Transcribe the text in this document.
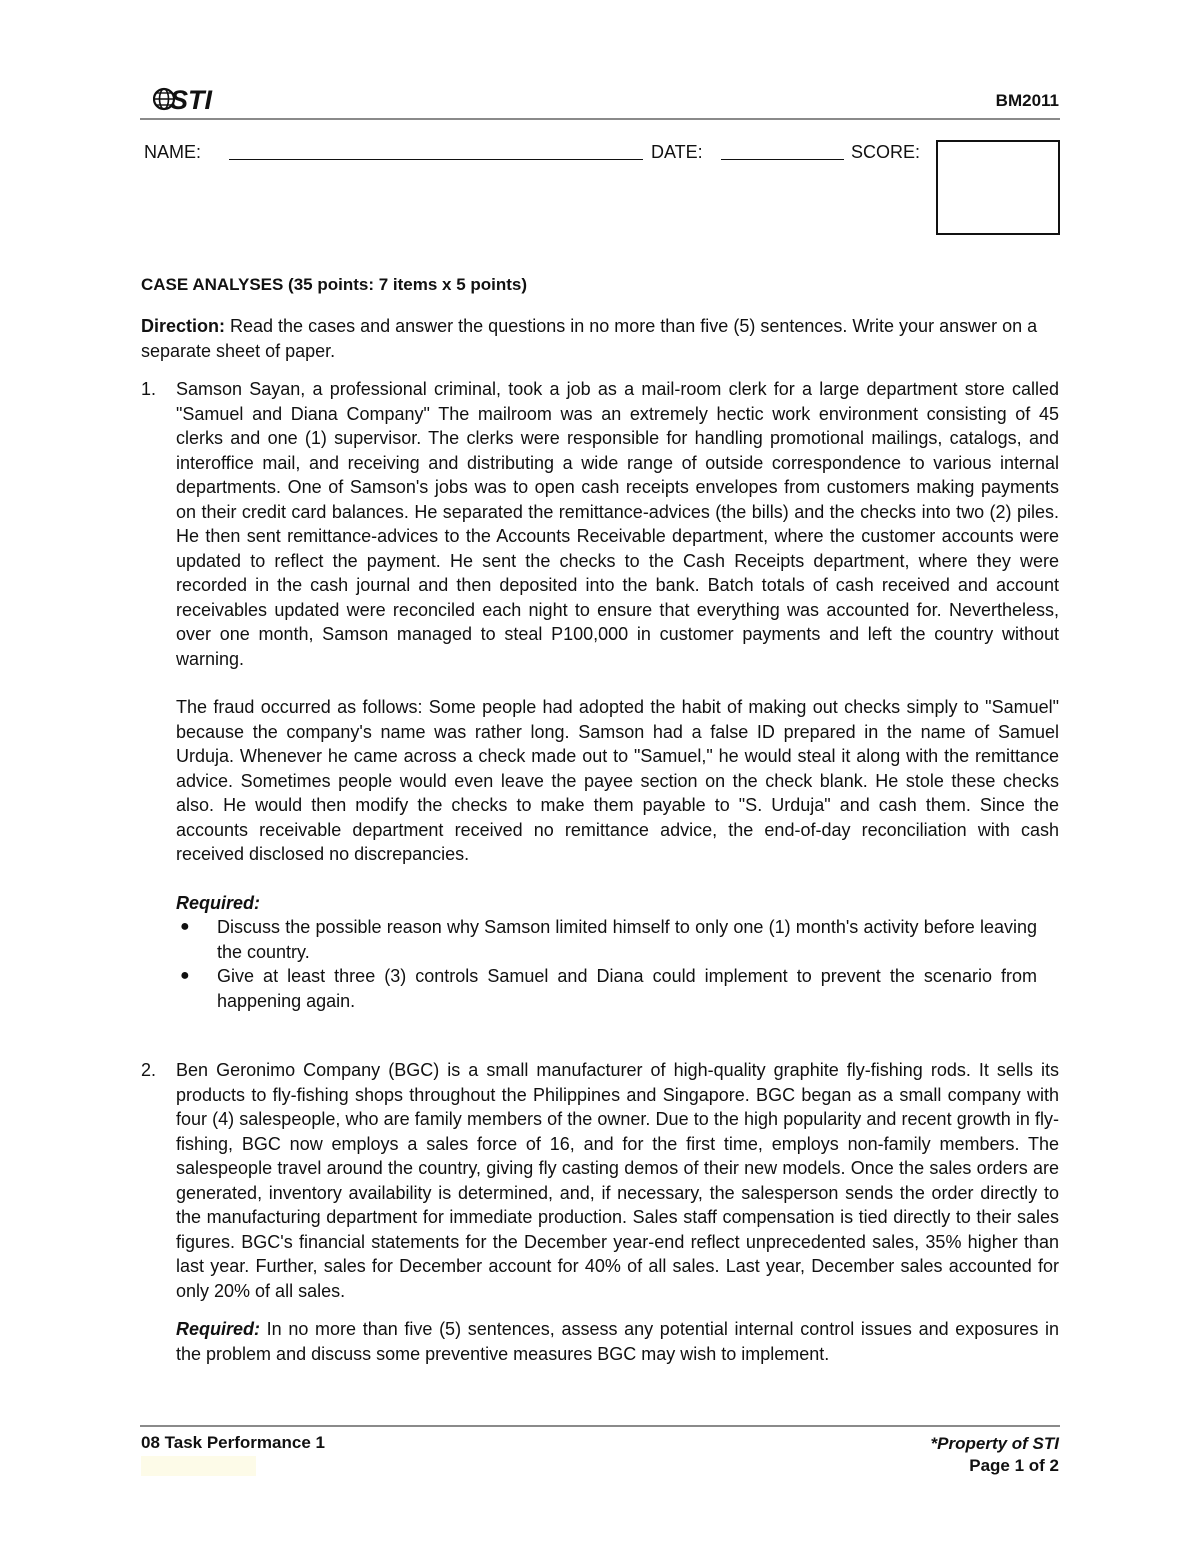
STI	BM2011
NAME:	DATE:	SCORE:
CASE ANALYSES (35 points: 7 items x 5 points)
Direction: Read the cases and answer the questions in no more than five (5) sentences. Write your answer on a separate sheet of paper.
1. Samson Sayan, a professional criminal, took a job as a mail-room clerk for a large department store called "Samuel and Diana Company" The mailroom was an extremely hectic work environment consisting of 45 clerks and one (1) supervisor. The clerks were responsible for handling promotional mailings, catalogs, and interoffice mail, and receiving and distributing a wide range of outside correspondence to various internal departments. One of Samson's jobs was to open cash receipts envelopes from customers making payments on their credit card balances. He separated the remittance-advices (the bills) and the checks into two (2) piles. He then sent remittance-advices to the Accounts Receivable department, where the customer accounts were updated to reflect the payment. He sent the checks to the Cash Receipts department, where they were recorded in the cash journal and then deposited into the bank. Batch totals of cash received and account receivables updated were reconciled each night to ensure that everything was accounted for. Nevertheless, over one month, Samson managed to steal P100,000 in customer payments and left the country without warning.

The fraud occurred as follows: Some people had adopted the habit of making out checks simply to "Samuel" because the company's name was rather long. Samson had a false ID prepared in the name of Samuel Urduja. Whenever he came across a check made out to "Samuel," he would steal it along with the remittance advice. Sometimes people would even leave the payee section on the check blank. He stole these checks also. He would then modify the checks to make them payable to "S. Urduja" and cash them. Since the accounts receivable department received no remittance advice, the end-of-day reconciliation with cash received disclosed no discrepancies.

Required:

● Discuss the possible reason why Samson limited himself to only one (1) month's activity before leaving the country.
● Give at least three (3) controls Samuel and Diana could implement to prevent the scenario from happening again.
2. Ben Geronimo Company (BGC) is a small manufacturer of high-quality graphite fly-fishing rods. It sells its products to fly-fishing shops throughout the Philippines and Singapore. BGC began as a small company with four (4) salespeople, who are family members of the owner. Due to the high popularity and recent growth in fly-fishing, BGC now employs a sales force of 16, and for the first time, employs non-family members. The salespeople travel around the country, giving fly casting demos of their new models. Once the sales orders are generated, inventory availability is determined, and, if necessary, the salesperson sends the order directly to the manufacturing department for immediate production. Sales staff compensation is tied directly to their sales figures. BGC's financial statements for the December year-end reflect unprecedented sales, 35% higher than last year. Further, sales for December account for 40% of all sales. Last year, December sales accounted for only 20% of all sales.

Required: In no more than five (5) sentences, assess any potential internal control issues and exposures in the problem and discuss some preventive measures BGC may wish to implement.

08 Task Performance 1	*Property of STI
Page 1 of 2
